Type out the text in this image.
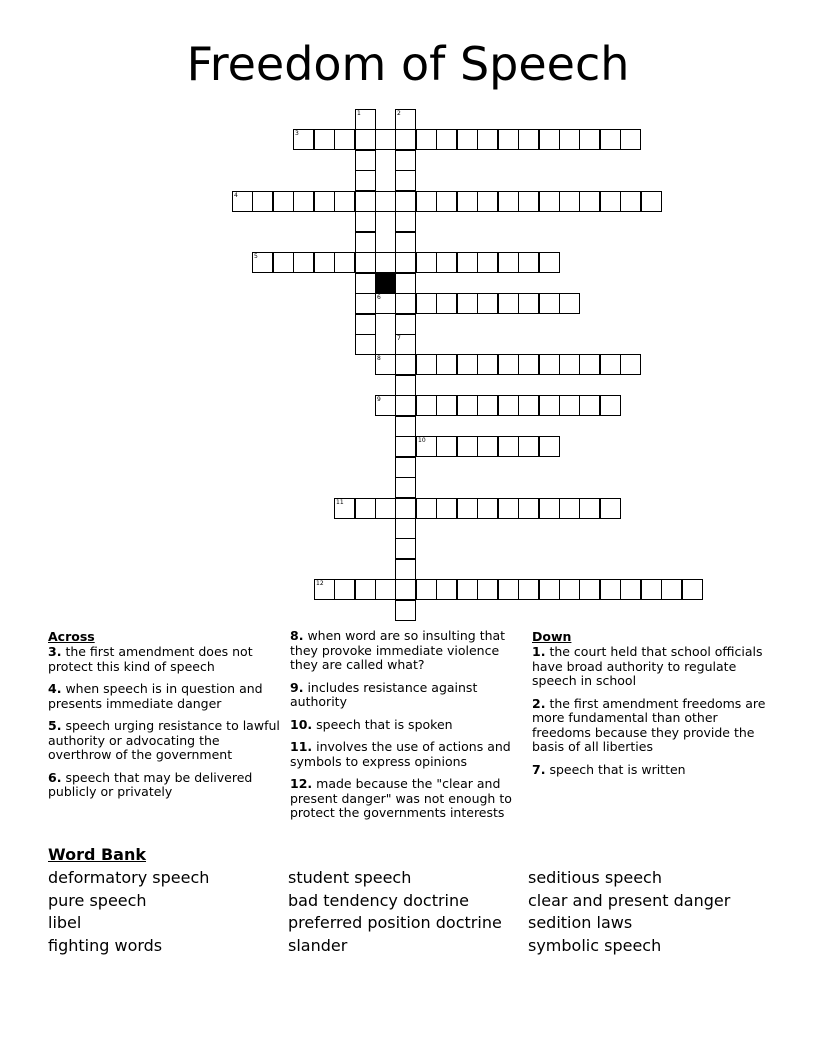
Freedom of Speech
1	2
7
3
4
5
6
8
9
10
11
12
Across
3. the first amendment does not protect this kind of speech
4. when speech is in question and presents immediate danger
5. speech urging resistance to lawful authority or advocating the overthrow of the government
6. speech that may be delivered publicly or privately
8. when word are so insulting that they provoke immediate violence they are called what?
9. includes resistance against authority
10. speech that is spoken
11. involves the use of actions and symbols to express opinions
12. made because the "clear and present danger" was not enough to protect the governments interests
Down
1. the court held that school officials have broad authority to regulate speech in school
2. the first amendment freedoms are more fundamental than other freedoms because they provide the basis of all liberties
7. speech that is written
Word Bank
deformatory speech
pure speech
libel
fighting words
student speech
bad tendency doctrine
preferred position doctrine
slander
seditious speech
clear and present danger
sedition laws
symbolic speech
